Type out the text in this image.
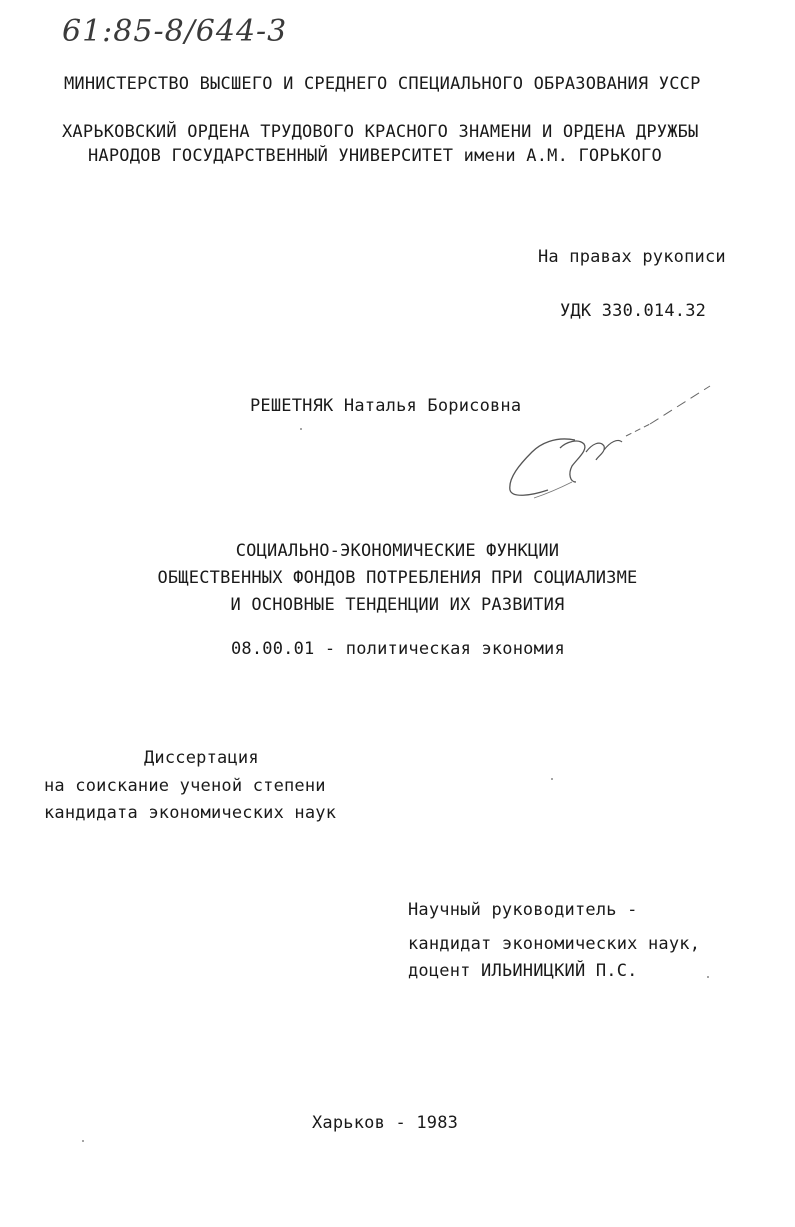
61:85-8/644-3
МИНИСТЕРСТВО ВЫСШЕГО И СРЕДНЕГО СПЕЦИАЛЬНОГО ОБРАЗОВАНИЯ УССР
ХАРЬКОВСКИЙ ОРДЕНА ТРУДОВОГО КРАСНОГО ЗНАМЕНИ И ОРДЕНА ДРУЖБЫ
НАРОДОВ ГОСУДАРСТВЕННЫЙ УНИВЕРСИТЕТ имени А.М. ГОРЬКОГО
На правах рукописи
УДК 330.014.32
РЕШЕТНЯК Наталья Борисовна
СОЦИАЛЬНО-ЭКОНОМИЧЕСКИЕ ФУНКЦИИ
ОБЩЕСТВЕННЫХ ФОНДОВ ПОТРЕБЛЕНИЯ ПРИ СОЦИАЛИЗМЕ
И ОСНОВНЫЕ ТЕНДЕНЦИИ ИХ РАЗВИТИЯ
08.00.01 - политическая экономия
Диссертация
на соискание ученой степени
кандидата экономических наук
Научный руководитель -
кандидат экономических наук,
доцент ИЛЬИНИЦКИЙ П.С.
Харьков - 1983
